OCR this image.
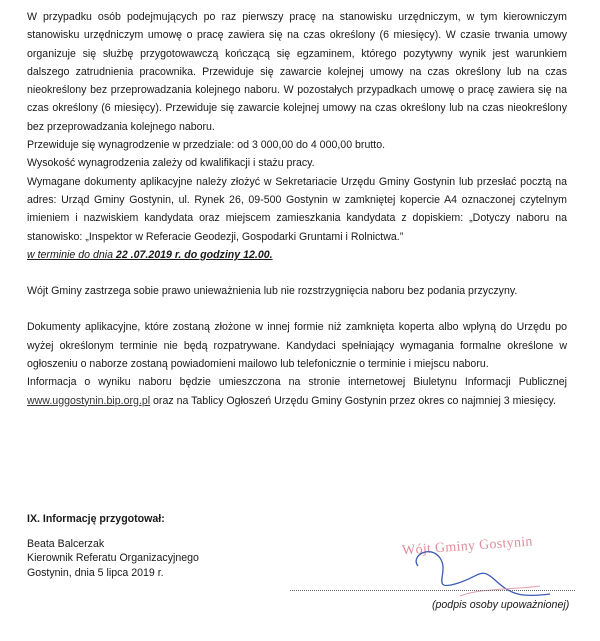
W przypadku osób podejmujących po raz pierwszy pracę na stanowisku urzędniczym, w tym kierowniczym stanowisku urzędniczym umowę o pracę zawiera się na czas określony (6 miesięcy). W czasie trwania umowy organizuje się służbę przygotowawczą kończącą się egzaminem, którego pozytywny wynik jest warunkiem dalszego zatrudnienia pracownika. Przewiduje się zawarcie kolejnej umowy na czas określony lub na czas nieokreślony bez przeprowadzania kolejnego naboru. W pozostałych przypadkach umowę o pracę zawiera się na czas określony (6 miesięcy). Przewiduje się zawarcie kolejnej umowy na czas określony lub na czas nieokreślony bez przeprowadzania kolejnego naboru.

Przewiduje się wynagrodzenie w przedziale: od 3 000,00 do 4 000,00 brutto.

Wysokość wynagrodzenia zależy od kwalifikacji i stażu pracy.

Wymagane dokumenty aplikacyjne należy złożyć w Sekretariacie Urzędu Gminy Gostynin lub przesłać pocztą na adres: Urząd Gminy Gostynin, ul. Rynek 26, 09-500 Gostynin w zamkniętej kopercie A4 oznaczonej czytelnym imieniem i nazwiskiem kandydata oraz miejscem zamieszkania kandydata z dopiskiem: „Dotyczy naboru na stanowisko: „Inspektor w Referacie Geodezji, Gospodarki Gruntami i Rolnictwa.”

w terminie do dnia 22 .07.2019 r. do godziny 12.00.

Wójt Gminy zastrzega sobie prawo unieważnienia lub nie rozstrzygnięcia naboru bez podania przyczyny.

Dokumenty aplikacyjne, które zostaną złożone w innej formie niż zamknięta koperta albo wpłyną do Urzędu po wyżej określonym terminie nie będą rozpatrywane. Kandydaci spełniający wymagania formalne określone w ogłoszeniu o naborze zostaną powiadomieni mailowo lub telefonicznie o terminie i miejscu naboru.

Informacja o wyniku naboru będzie umieszczona na stronie internetowej Biuletynu Informacji Publicznej www.uggostynin.bip.org.pl oraz na Tablicy Ogłoszeń Urzędu Gminy Gostynin przez okres co najmniej 3 miesięcy.

IX. Informację przygotował:

Beata Balcerzak

Kierownik Referatu Organizacyjnego

Gostynin, dnia 5 lipca 2019 r.

Wójt Gminy Gostynin
(podpis osoby upoważnionej)
